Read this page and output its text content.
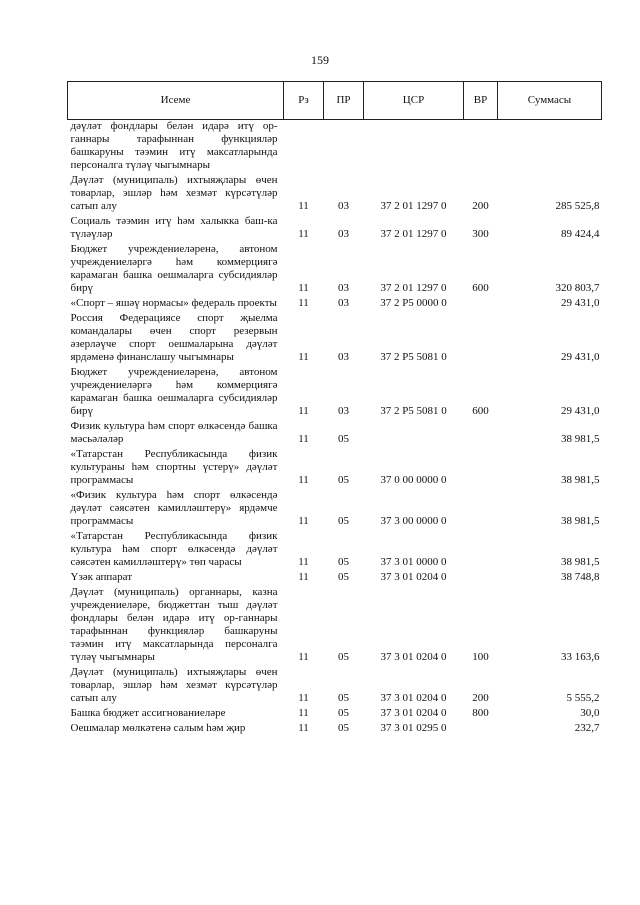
159
Исеме	Рз	ПР	ЦСР	ВР	Суммасы
дәүләт фондлары белән идарә итү ор-ганнары тарафыннан функцияләр башкаруны тәэмин итү максатларында персоналга түләү чыгымнары					
Дәүләт (муниципаль) ихтыяҗлары өчен товарлар, эшләр һәм хезмәт күрсәтүләр сатып алу	11	03	37 2 01 1297 0	200	285 525,8
Социаль тәэмин итү һәм халыкка баш-ка түләүләр	11	03	37 2 01 1297 0	300	89 424,4
Бюджет учреждениеләренә, автоном учреждениеләргә һәм коммерциягә карамаган башка оешмаларга субсидияләр бирү	11	03	37 2 01 1297 0	600	320 803,7
«Спорт – яшәү нормасы» федераль проекты	11	03	37 2 P5 0000 0		29 431,0
Россия Федерациясе спорт җыелма командалары өчен спорт резервын әзерләүче спорт оешмаларына дәүләт ярдәменә финанслашу чыгымнары	11	03	37 2 P5 5081 0		29 431,0
Бюджет учреждениеләренә, автоном учреждениеләргә һәм коммерциягә карамаган башка оешмаларга субсидияләр бирү	11	03	37 2 P5 5081 0	600	29 431,0
Физик культура һәм спорт өлкәсендә башка мәсьәләләр	11	05			38 981,5
«Татарстан Республикасында физик культураны һәм спортны үстерү» дәүләт программасы	11	05	37 0 00 0000 0		38 981,5
«Физик культура һәм спорт өлкәсендә дәүләт сәясәтен камилләштерү» ярдәмче программасы	11	05	37 3 00 0000 0		38 981,5
«Татарстан Республикасында физик культура һәм спорт өлкәсендә дәүләт сәясәтен камилләштерү» төп чарасы	11	05	37 3 01 0000 0		38 981,5
Үзәк аппарат	11	05	37 3 01 0204 0		38 748,8
Дәүләт (муниципаль) органнары, казна учреждениеләре, бюджеттан тыш дәүләт фондлары белән идарә итү ор-ганнары тарафыннан функцияләр башкаруны тәэмин итү максатларында персоналга түләү чыгымнары	11	05	37 3 01 0204 0	100	33 163,6
Дәүләт (муниципаль) ихтыяҗлары өчен товарлар, эшләр һәм хезмәт күрсәтүләр сатып алу	11	05	37 3 01 0204 0	200	5 555,2
Башка бюджет ассигнованиеләре	11	05	37 3 01 0204 0	800	30,0
Оешмалар мөлкәтенә салым һәм җир	11	05	37 3 01 0295 0		232,7
